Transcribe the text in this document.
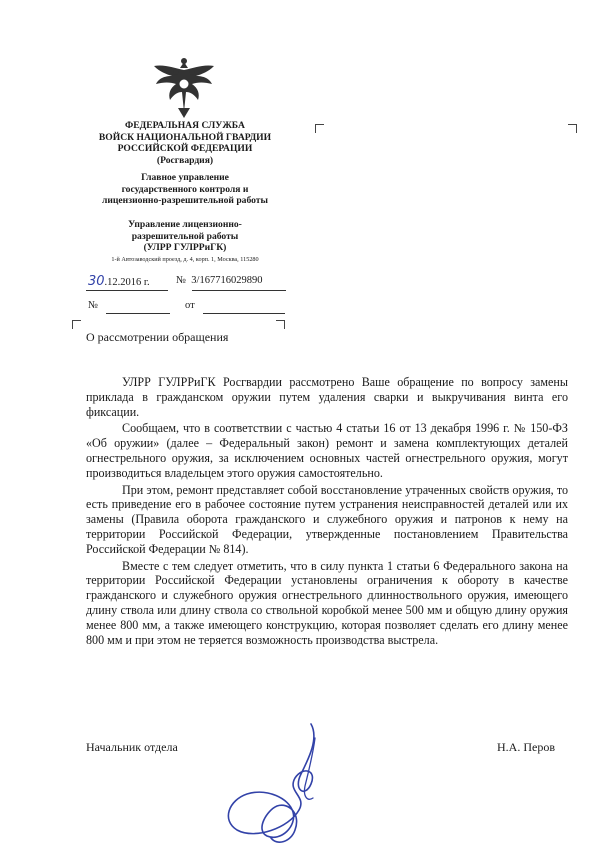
ФЕДЕРАЛЬНАЯ СЛУЖБА
ВОЙСК НАЦИОНАЛЬНОЙ ГВАРДИИ
РОССИЙСКОЙ ФЕДЕРАЦИИ
(Росгвардия)
Главное управление
государственного контроля и
лицензионно-разрешительной работы
Управление лицензионно-
разрешительной работы
(УЛРР ГУЛРРиГК)
1-й Автозаводский проезд, д. 4, корп. 1, Москва, 115280
30.12.2016 г.	№ 3/167716029890
№	от
О рассмотрении обращения

УЛРР ГУЛРРиГК Росгвардии рассмотрено Ваше обращение по вопросу замены приклада в гражданском оружии путем удаления сварки и выкручивания винта его фиксации.

Сообщаем, что в соответствии с частью 4 статьи 16 от 13 декабря 1996 г. № 150-ФЗ «Об оружии» (далее – Федеральный закон) ремонт и замена комплектующих деталей огнестрельного оружия, за исключением основных частей огнестрельного оружия, могут производиться владельцем этого оружия самостоятельно.

При этом, ремонт представляет собой восстановление утраченных свойств оружия, то есть приведение его в рабочее состояние путем устранения неисправностей деталей или их замены (Правила оборота гражданского и служебного оружия и патронов к нему на территории Российской Федерации, утвержденные постановлением Правительства Российской Федерации № 814).

Вместе с тем следует отметить, что в силу пункта 1 статьи 6 Федерального закона на территории Российской Федерации установлены ограничения к обороту в качестве гражданского и служебного оружия огнестрельного длинноствольного оружия, имеющего длину ствола или длину ствола со ствольной коробкой менее 500 мм и общую длину оружия менее 800 мм, а также имеющего конструкцию, которая позволяет сделать его длину менее 800 мм и при этом не теряется возможность производства выстрела.

Начальник отдела	Н.А. Перов
